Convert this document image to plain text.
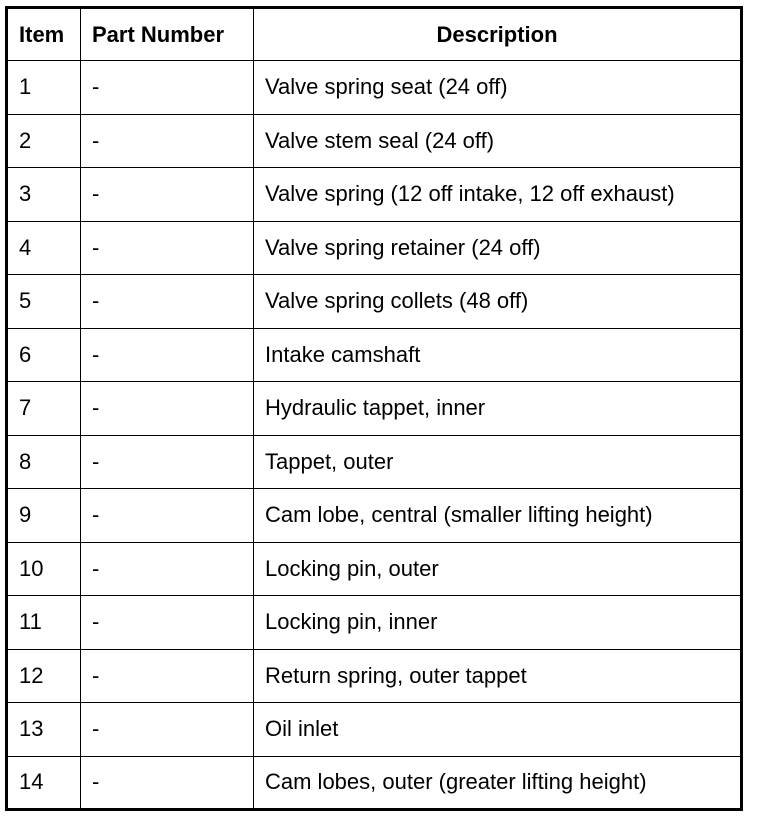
Item	Part Number	Description
1	-	Valve spring seat (24 off)
2	-	Valve stem seal (24 off)
3	-	Valve spring (12 off intake, 12 off exhaust)
4	-	Valve spring retainer (24 off)
5	-	Valve spring collets (48 off)
6	-	Intake camshaft
7	-	Hydraulic tappet, inner
8	-	Tappet, outer
9	-	Cam lobe, central (smaller lifting height)
10	-	Locking pin, outer
11	-	Locking pin, inner
12	-	Return spring, outer tappet
13	-	Oil inlet
14	-	Cam lobes, outer (greater lifting height)
